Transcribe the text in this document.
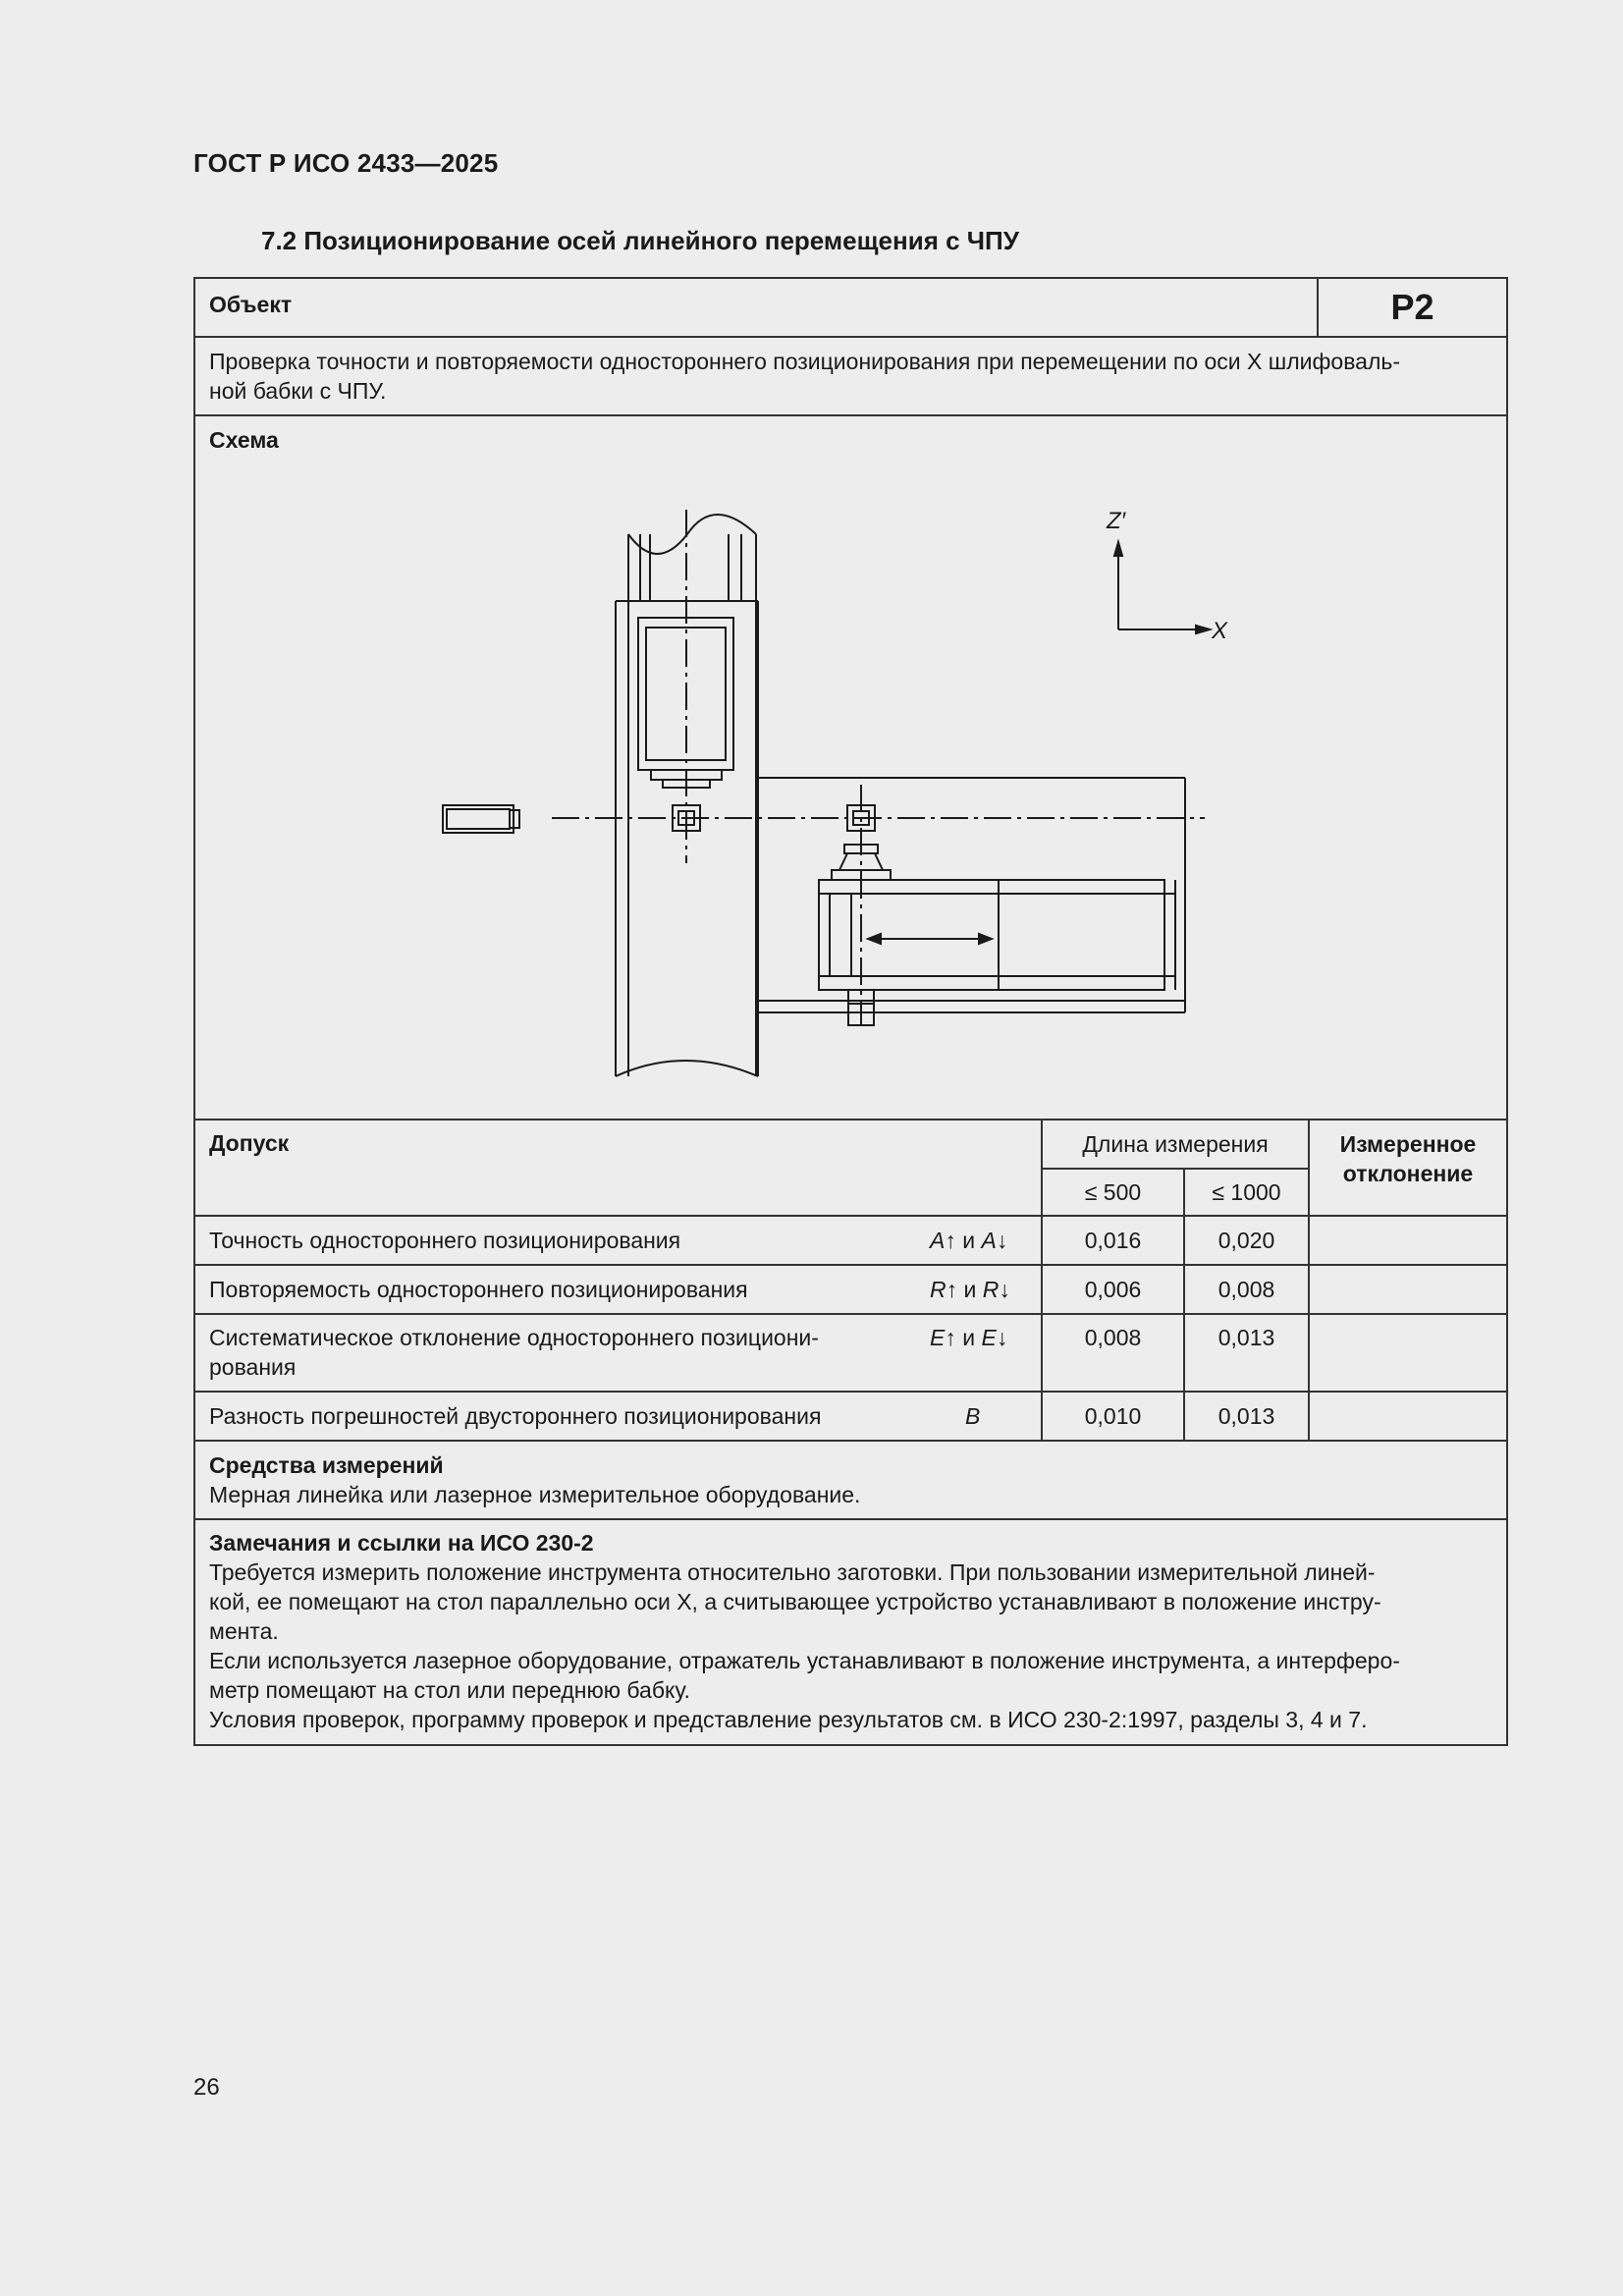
ГОСТ Р ИСО 2433—2025
7.2 Позиционирование осей линейного перемещения с ЧПУ
Объект	P2
Проверка точности и повторяемости одностороннего позиционирования при перемещении по оси X шлифоваль-
ной бабки с ЧПУ.
Схема
Z′
X
Допуск	Длина измерения
≤ 500	≤ 1000
Измеренное
отклонение
Точность одностороннего позиционирования	A↑ и A↓	0,016	0,020
Повторяемость одностороннего позиционирования	R↑ и R↓	0,006	0,008
Систематическое отклонение одностороннего позициони-
рования
E↑ и E↓	0,008	0,013
Разность погрешностей двустороннего позиционирования	B	0,010	0,013
Средства измерений
Мерная линейка или лазерное измерительное оборудование.
Замечания и ссылки на ИСО 230-2
Требуется измерить положение инструмента относительно заготовки. При пользовании измерительной линей-
кой, ее помещают на стол параллельно оси X, а считывающее устройство устанавливают в положение инстру-
мента.
Если используется лазерное оборудование, отражатель устанавливают в положение инструмента, а интерферо-
метр помещают на стол или переднюю бабку.
Условия проверок, программу проверок и представление результатов см. в ИСО 230-2:1997, разделы 3, 4 и 7.
26
